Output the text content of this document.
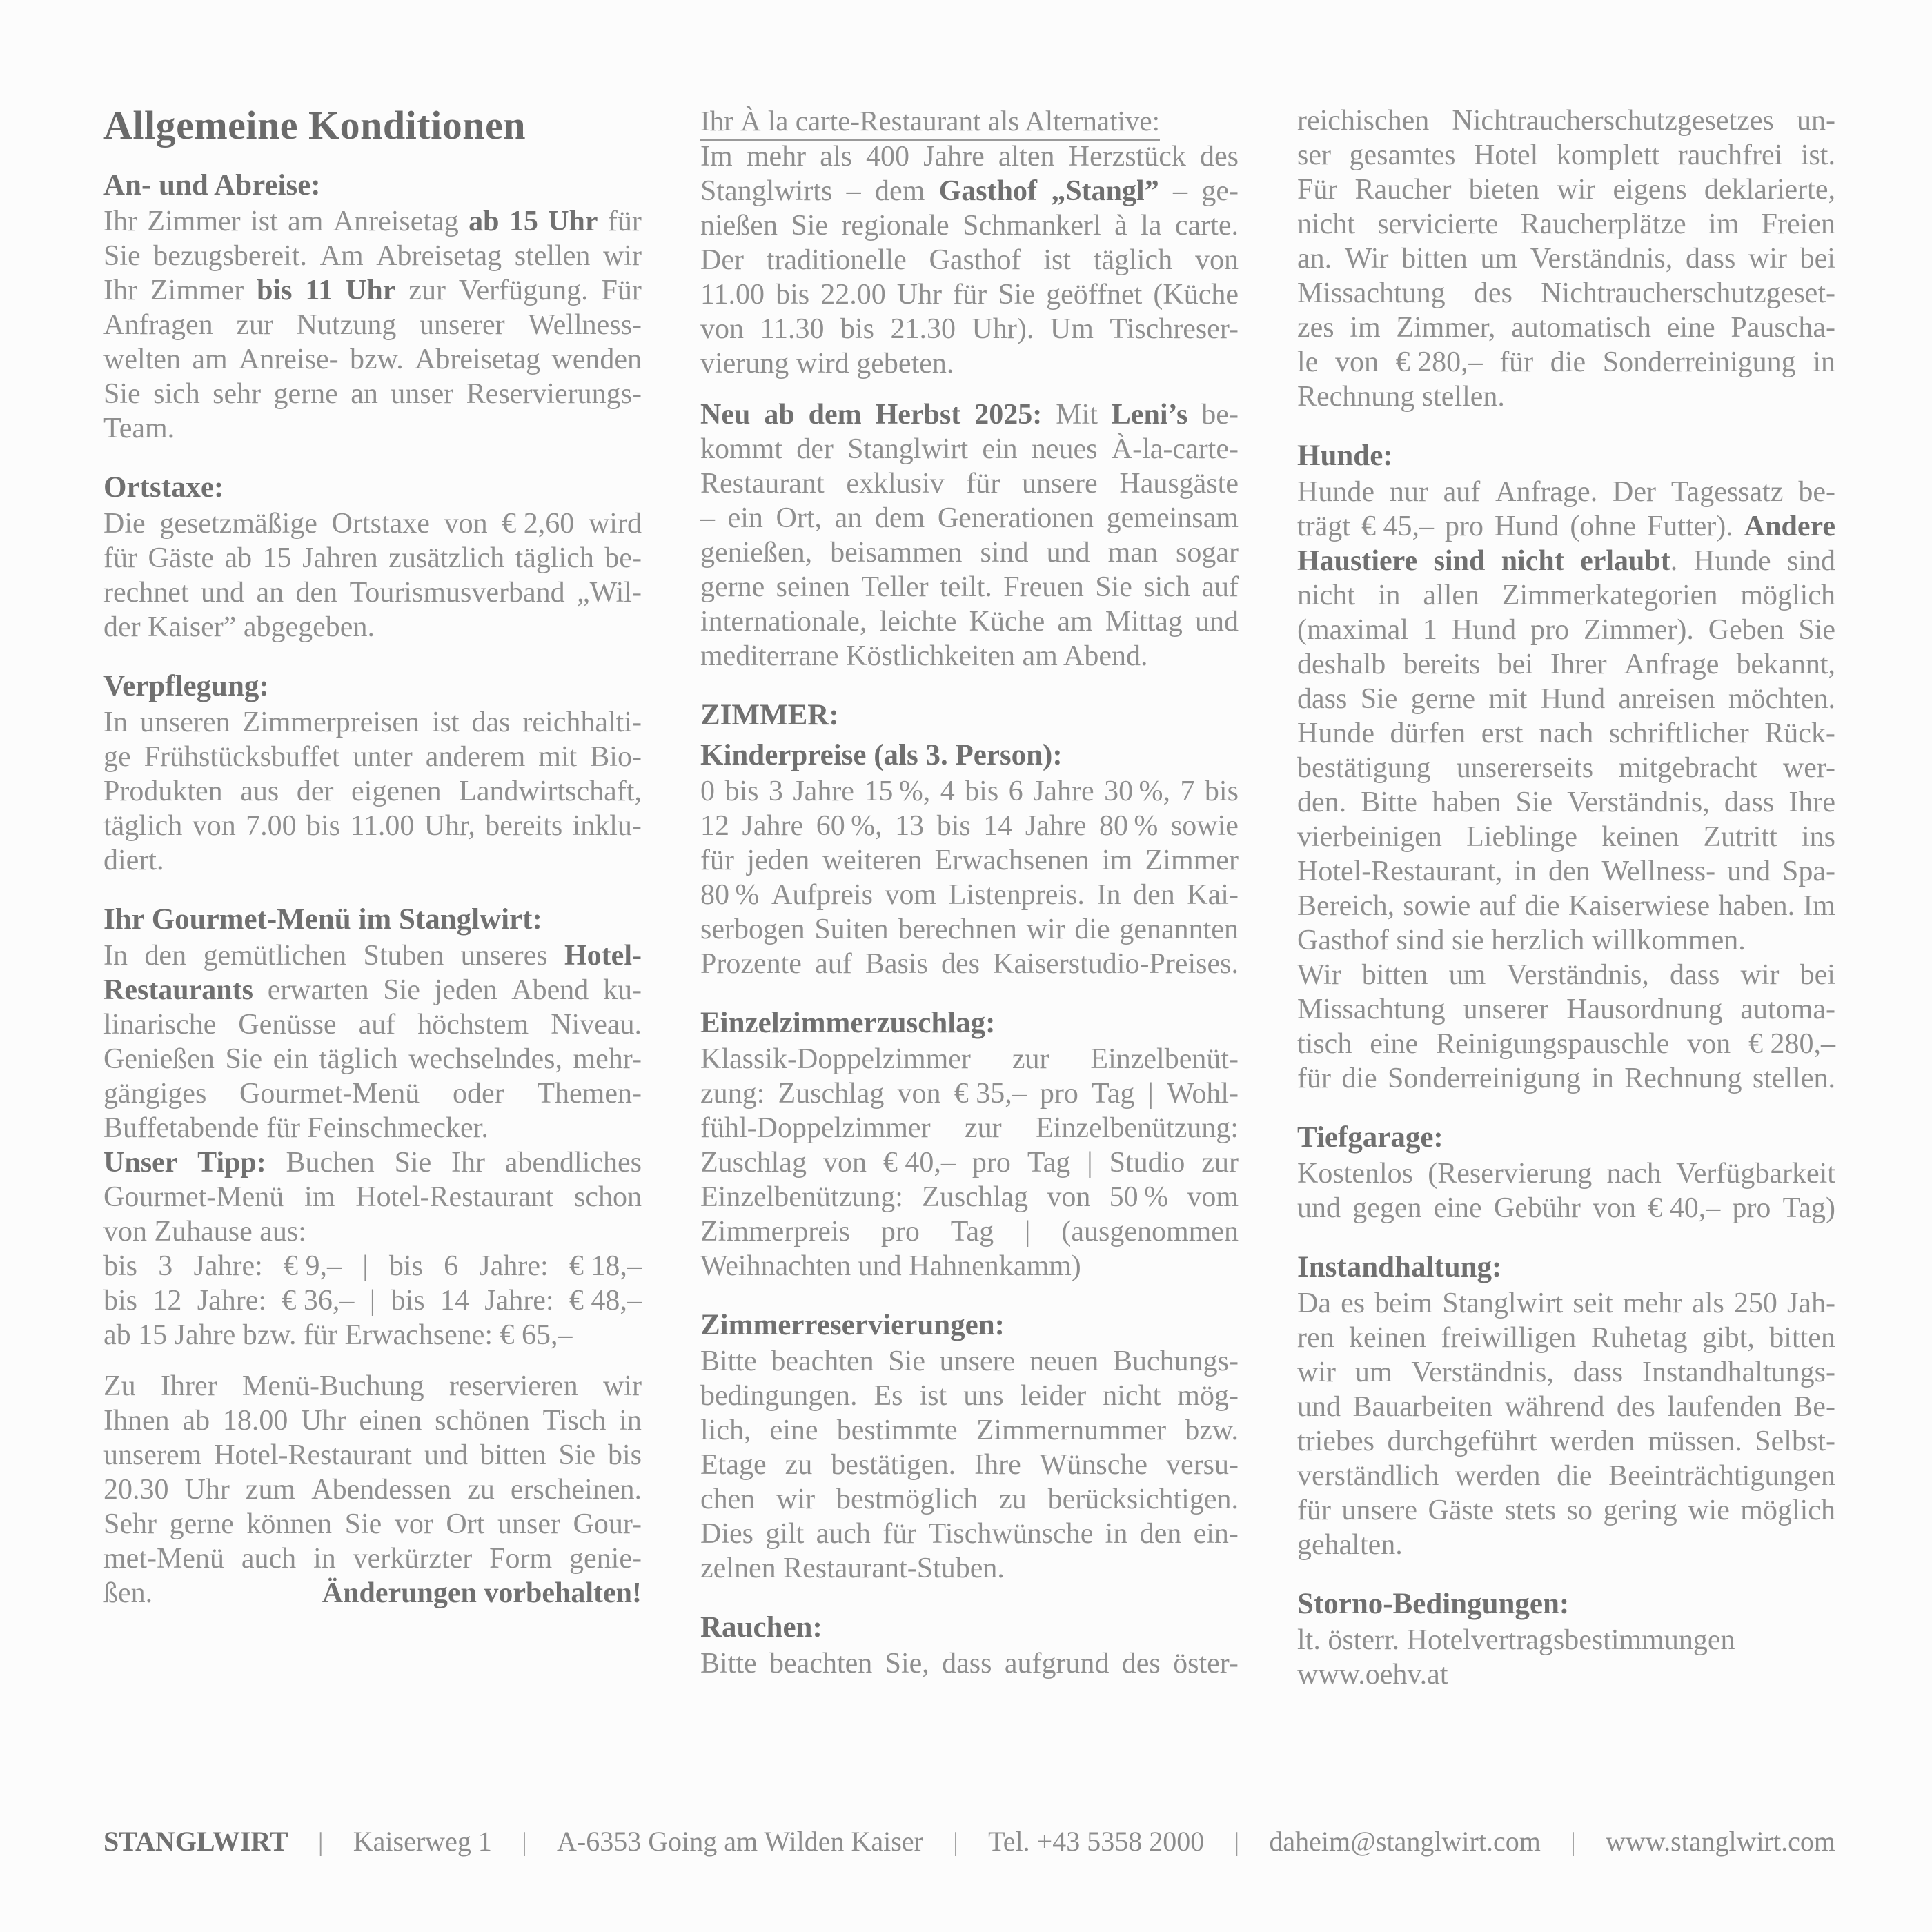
Allgemeine Konditionen
An- und Abreise:
Ihr Zimmer ist am Anreisetag ab 15 Uhr für
Sie bezugsbereit. Am Abreisetag stellen wir
Ihr Zimmer bis 11 Uhr zur Verfügung. Für
Anfragen zur Nutzung unserer Wellness-
welten am Anreise- bzw. Abreisetag wenden
Sie sich sehr gerne an unser Reservierungs-
Team.
Ortstaxe:
Die gesetzmäßige Ortstaxe von € 2,60 wird
für Gäste ab 15 Jahren zusätzlich täglich be-
rechnet und an den Tourismusverband „Wil-
der Kaiser” abgegeben.
Verpflegung:
In unseren Zimmerpreisen ist das reichhalti-
ge Frühstücksbuffet unter anderem mit Bio-
Produkten aus der eigenen Landwirtschaft,
täglich von 7.00 bis 11.00 Uhr, bereits inklu-
diert.
Ihr Gourmet-Menü im Stanglwirt:
In den gemütlichen Stuben unseres Hotel-
Restaurants erwarten Sie jeden Abend ku-
linarische Genüsse auf höchstem Niveau.
Genießen Sie ein täglich wechselndes, mehr-
gängiges Gourmet-Menü oder Themen-
Buffetabende für Feinschmecker.
Unser Tipp: Buchen Sie Ihr abendliches
Gourmet-Menü im Hotel-Restaurant schon
von Zuhause aus:
bis 3 Jahre: € 9,– | bis 6 Jahre: € 18,–
bis 12 Jahre: € 36,– | bis 14 Jahre: € 48,–
ab 15 Jahre bzw. für Erwachsene: € 65,–
Zu Ihrer Menü-Buchung reservieren wir
Ihnen ab 18.00 Uhr einen schönen Tisch in
unserem Hotel-Restaurant und bitten Sie bis
20.30 Uhr zum Abendessen zu erscheinen.
Sehr gerne können Sie vor Ort unser Gour-
met-Menü auch in verkürzter Form genie-
ßen.	Änderungen vorbehalten!
Ihr À la carte-Restaurant als Alternative:
Im mehr als 400 Jahre alten Herzstück des
Stanglwirts – dem Gasthof „Stangl” – ge-
nießen Sie regionale Schmankerl à la carte.
Der traditionelle Gasthof ist täglich von
11.00 bis 22.00 Uhr für Sie geöffnet (Küche
von 11.30 bis 21.30 Uhr). Um Tischreser-
vierung wird gebeten.
Neu ab dem Herbst 2025: Mit Leni’s be-
kommt der Stanglwirt ein neues À-la-carte-
Restaurant exklusiv für unsere Hausgäste
– ein Ort, an dem Generationen gemeinsam
genießen, beisammen sind und man sogar
gerne seinen Teller teilt. Freuen Sie sich auf
internationale, leichte Küche am Mittag und
mediterrane Köstlichkeiten am Abend.
ZIMMER:
Kinderpreise (als 3. Person):
0 bis 3 Jahre 15 %, 4 bis 6 Jahre 30 %, 7 bis
12 Jahre 60 %, 13 bis 14 Jahre 80 % sowie
für jeden weiteren Erwachsenen im Zimmer
80 % Aufpreis vom Listenpreis. In den Kai-
serbogen Suiten berechnen wir die genannten
Prozente auf Basis des Kaiserstudio-Preises.
Einzelzimmerzuschlag:
Klassik-Doppelzimmer zur Einzelbenüt-
zung: Zuschlag von € 35,– pro Tag | Wohl-
fühl-Doppelzimmer zur Einzelbenützung:
Zuschlag von € 40,– pro Tag | Studio zur
Einzelbenützung: Zuschlag von 50 % vom
Zimmerpreis pro Tag | (ausgenommen
Weihnachten und Hahnenkamm)
Zimmerreservierungen:
Bitte beachten Sie unsere neuen Buchungs-
bedingungen. Es ist uns leider nicht mög-
lich, eine bestimmte Zimmernummer bzw.
Etage zu bestätigen. Ihre Wünsche versu-
chen wir bestmöglich zu berücksichtigen.
Dies gilt auch für Tischwünsche in den ein-
zelnen Restaurant-Stuben.
Rauchen:
Bitte beachten Sie, dass aufgrund des öster-
reichischen Nichtraucherschutzgesetzes un-
ser gesamtes Hotel komplett rauchfrei ist.
Für Raucher bieten wir eigens deklarierte,
nicht servicierte Raucherplätze im Freien
an. Wir bitten um Verständnis, dass wir bei
Missachtung des Nichtraucherschutzgeset-
zes im Zimmer, automatisch eine Pauscha-
le von € 280,– für die Sonderreinigung in
Rechnung stellen.
Hunde:
Hunde nur auf Anfrage. Der Tagessatz be-
trägt € 45,– pro Hund (ohne Futter). Andere
Haustiere sind nicht erlaubt. Hunde sind
nicht in allen Zimmerkategorien möglich
(maximal 1 Hund pro Zimmer). Geben Sie
deshalb bereits bei Ihrer Anfrage bekannt,
dass Sie gerne mit Hund anreisen möchten.
Hunde dürfen erst nach schriftlicher Rück-
bestätigung unsererseits mitgebracht wer-
den. Bitte haben Sie Verständnis, dass Ihre
vierbeinigen Lieblinge keinen Zutritt ins
Hotel-Restaurant, in den Wellness- und Spa-
Bereich, sowie auf die Kaiserwiese haben. Im
Gasthof sind sie herzlich willkommen.
Wir bitten um Verständnis, dass wir bei
Missachtung unserer Hausordnung automa-
tisch eine Reinigungspauschle von € 280,–
für die Sonderreinigung in Rechnung stellen.
Tiefgarage:
Kostenlos (Reservierung nach Verfügbarkeit
und gegen eine Gebühr von € 40,– pro Tag)
Instandhaltung:
Da es beim Stanglwirt seit mehr als 250 Jah-
ren keinen freiwilligen Ruhetag gibt, bitten
wir um Verständnis, dass Instandhaltungs-
und Bauarbeiten während des laufenden Be-
triebes durchgeführt werden müssen. Selbst-
verständlich werden die Beeinträchtigungen
für unsere Gäste stets so gering wie möglich
gehalten.
Storno-Bedingungen:
lt. österr. Hotelvertragsbestimmungen
www.oehv.at
STANGLWIRT | Kaiserweg 1 | A-6353 Going am Wilden Kaiser | Tel. +43 5358 2000 | daheim@stanglwirt.com | www.stanglwirt.com
